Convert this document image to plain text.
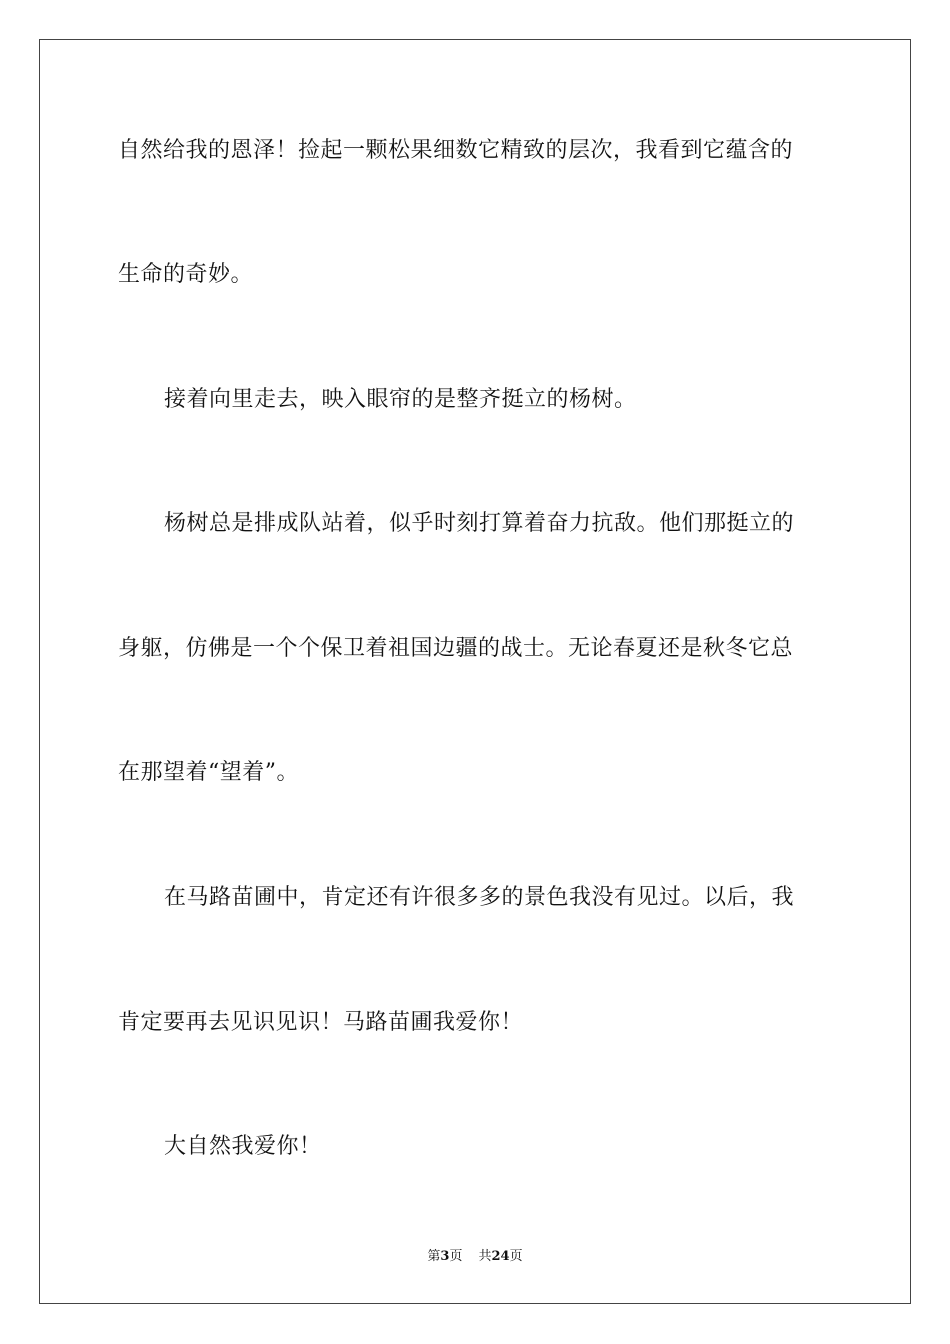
自然给我的恩泽！捡起一颗松果细数它精致的层次，我看到它蕴含的
生命的奇妙。
接着向里走去，映入眼帘的是整齐挺立的杨树。
杨树总是排成队站着，似乎时刻打算着奋力抗敌。他们那挺立的
身躯，仿佛是一个个保卫着祖国边疆的战士。无论春夏还是秋冬它总
在那望着“望着”。
在马路苗圃中，肯定还有许很多多的景色我没有见过。以后，我
肯定要再去见识见识！马路苗圃我爱你！
大自然我爱你！
第3页 共24页
